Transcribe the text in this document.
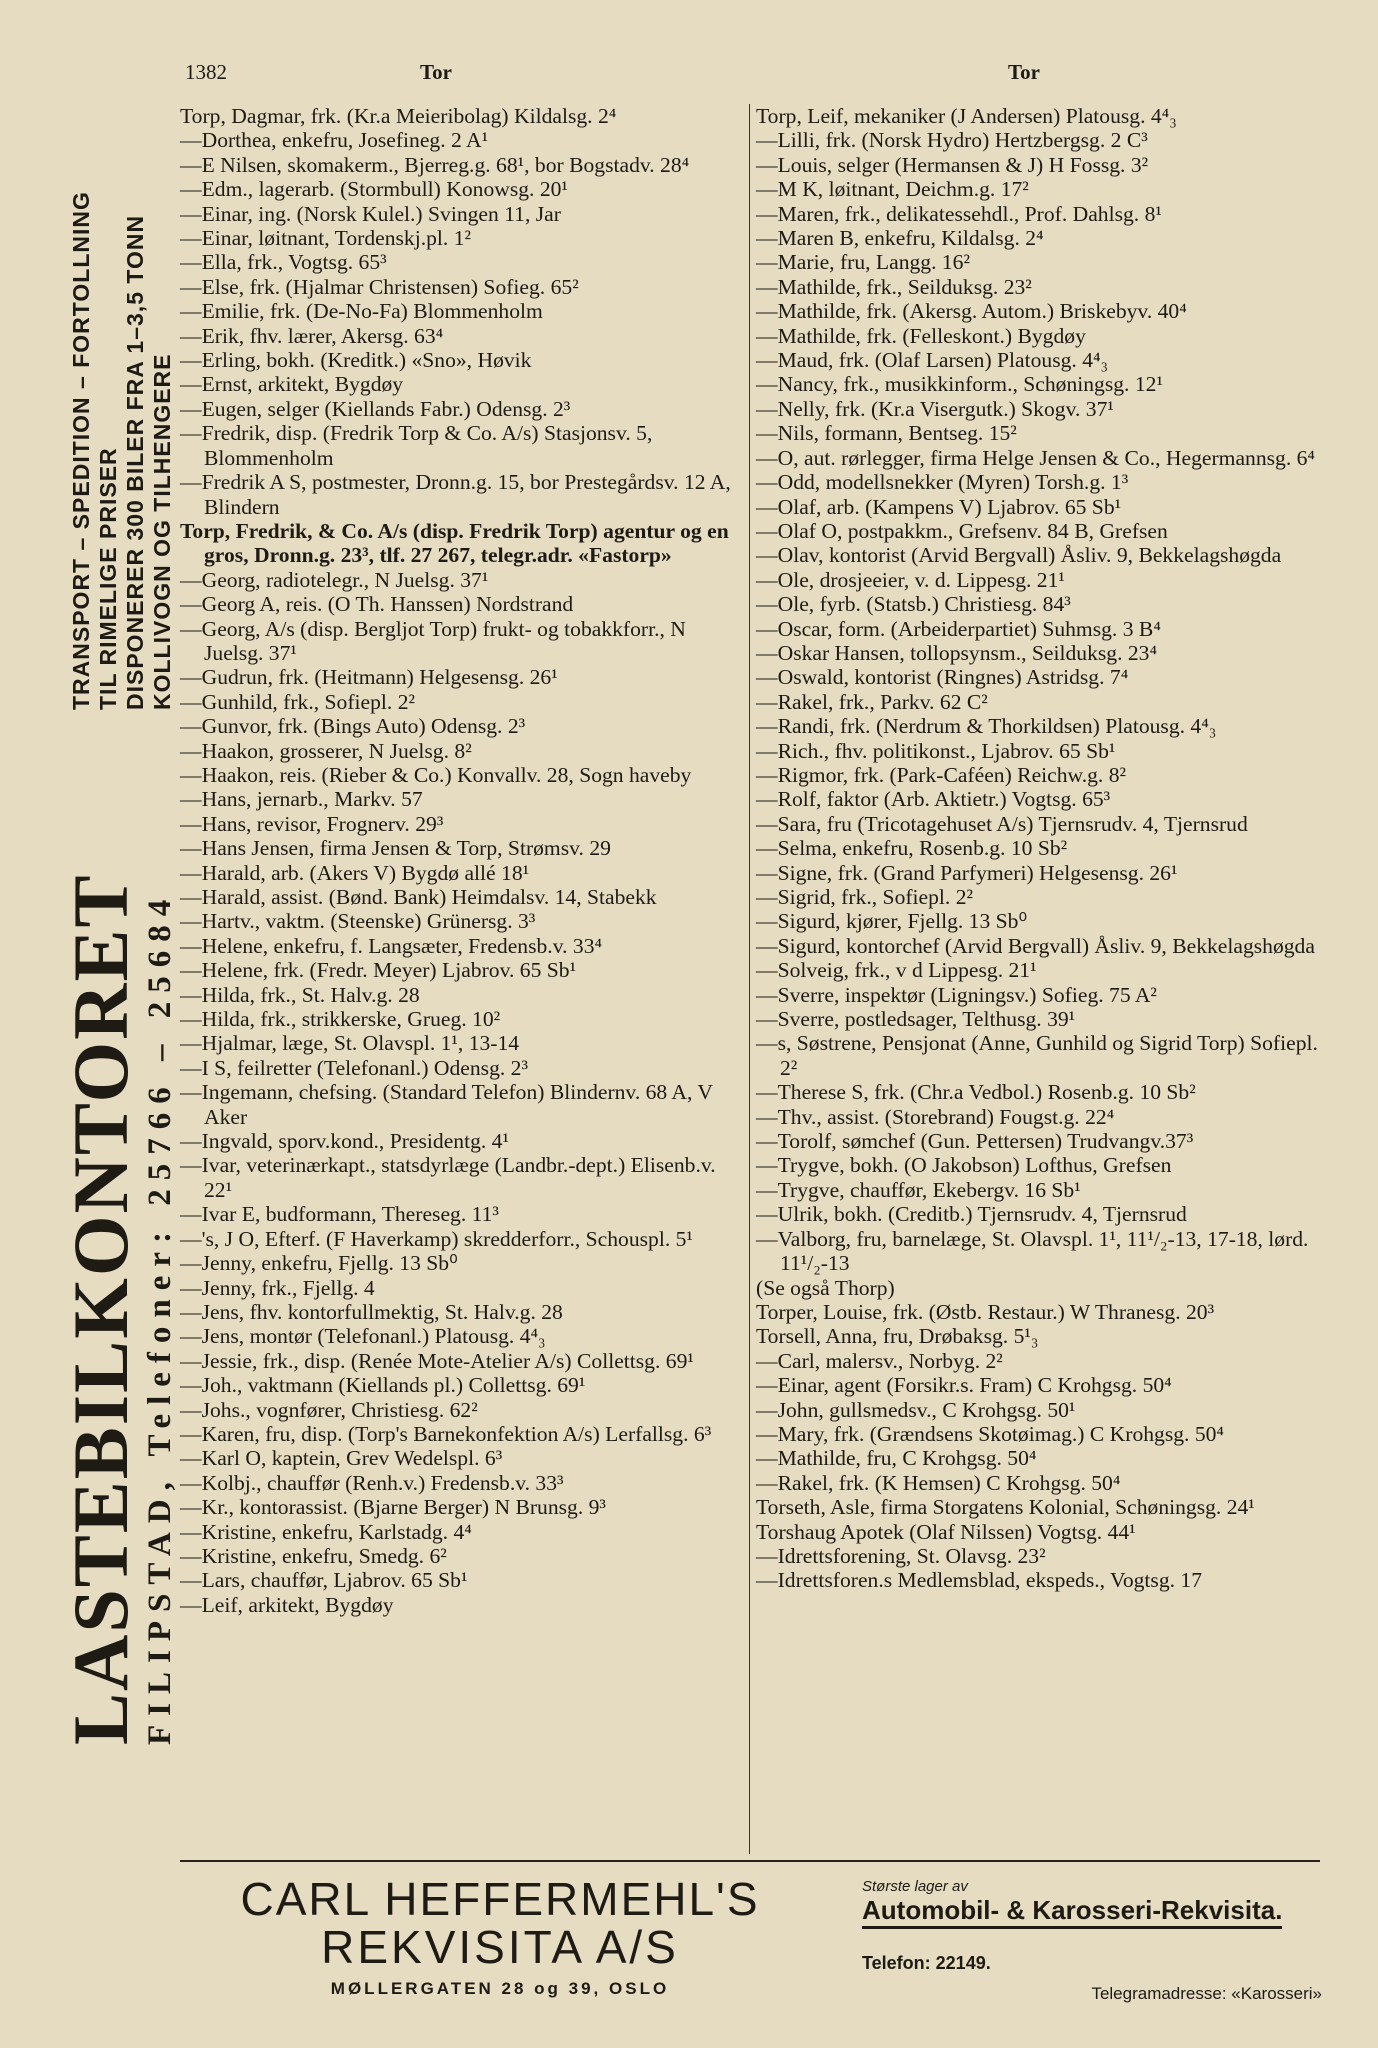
1382	Tor	Tor
TRANSPORT – SPEDITION – FORTOLLNING TIL RIMELIGE PRISER DISPONERER 300 BILER FRA 1–3,5 TONN KOLLIVOGN OG TILHENGERE
LASTEBILKONTORET
FILIPSTAD, Telefoner: 25766 – 25684
Torp, Dagmar, frk. (Kr.a Meieribolag) Kildalsg. 2⁴
—Dorthea, enkefru, Josefineg. 2 A¹
—E Nilsen, skomakerm., Bjerreg.g. 68¹, bor Bogstadv. 28⁴
—Edm., lagerarb. (Stormbull) Konowsg. 20¹
—Einar, ing. (Norsk Kulel.) Svingen 11, Jar
—Einar, løitnant, Tordenskj.pl. 1²
—Ella, frk., Vogtsg. 65³
—Else, frk. (Hjalmar Christensen) Sofieg. 65²
—Emilie, frk. (De-No-Fa) Blommenholm
—Erik, fhv. lærer, Akersg. 63⁴
—Erling, bokh. (Kreditk.) «Sno», Høvik
—Ernst, arkitekt, Bygdøy
—Eugen, selger (Kiellands Fabr.) Odensg. 2³
—Fredrik, disp. (Fredrik Torp & Co. A/s) Stasjonsv. 5, Blommenholm
—Fredrik A S, postmester, Dronn.g. 15, bor Prestegårdsv. 12 A, Blindern
Torp, Fredrik, & Co. A/s (disp. Fredrik Torp) agentur og en gros, Dronn.g. 23³, tlf. 27 267, telegr.adr. «Fastorp»
—Georg, radiotelegr., N Juelsg. 37¹
—Georg A, reis. (O Th. Hanssen) Nordstrand
—Georg, A/s (disp. Bergljot Torp) frukt- og tobakkforr., N Juelsg. 37¹
—Gudrun, frk. (Heitmann) Helgesensg. 26¹
—Gunhild, frk., Sofiepl. 2²
—Gunvor, frk. (Bings Auto) Odensg. 2³
—Haakon, grosserer, N Juelsg. 8²
—Haakon, reis. (Rieber & Co.) Konvallv. 28, Sogn haveby
—Hans, jernarb., Markv. 57
—Hans, revisor, Frognerv. 29³
—Hans Jensen, firma Jensen & Torp, Strømsv. 29
—Harald, arb. (Akers V) Bygdø allé 18¹
—Harald, assist. (Bønd. Bank) Heimdalsv. 14, Stabekk
—Hartv., vaktm. (Steenske) Grünersg. 3³
—Helene, enkefru, f. Langsæter, Fredensb.v. 33⁴
—Helene, frk. (Fredr. Meyer) Ljabrov. 65 Sb¹
—Hilda, frk., St. Halv.g. 28
—Hilda, frk., strikkerske, Grueg. 10²
—Hjalmar, læge, St. Olavspl. 1¹, 13-14
—I S, feilretter (Telefonanl.) Odensg. 2³
—Ingemann, chefsing. (Standard Telefon) Blindernv. 68 A, V Aker
—Ingvald, sporv.kond., Presidentg. 4¹
—Ivar, veterinærkapt., statsdyrlæge (Landbr.-dept.) Elisenb.v. 22¹
—Ivar E, budformann, Thereseg. 11³
—'s, J O, Efterf. (F Haverkamp) skredderforr., Schouspl. 5¹
—Jenny, enkefru, Fjellg. 13 Sb⁰
—Jenny, frk., Fjellg. 4
—Jens, fhv. kontorfullmektig, St. Halv.g. 28
—Jens, montør (Telefonanl.) Platousg. 4⁴₃
—Jessie, frk., disp. (Renée Mote-Atelier A/s) Collettsg. 69¹
—Joh., vaktmann (Kiellands pl.) Collettsg. 69¹
—Johs., vognfører, Christiesg. 62²
—Karen, fru, disp. (Torp's Barnekonfektion A/s) Lerfallsg. 6³
—Karl O, kaptein, Grev Wedelspl. 6³
—Kolbj., chauffør (Renh.v.) Fredensb.v. 33³
—Kr., kontorassist. (Bjarne Berger) N Brunsg. 9³
—Kristine, enkefru, Karlstadg. 4⁴
—Kristine, enkefru, Smedg. 6²
—Lars, chauffør, Ljabrov. 65 Sb¹
—Leif, arkitekt, Bygdøy
Torp, Leif, mekaniker (J Andersen) Platousg. 4⁴₃
—Lilli, frk. (Norsk Hydro) Hertzbergsg. 2 C³
—Louis, selger (Hermansen & J) H Fossg. 3²
—M K, løitnant, Deichm.g. 17²
—Maren, frk., delikatessehdl., Prof. Dahlsg. 8¹
—Maren B, enkefru, Kildalsg. 2⁴
—Marie, fru, Langg. 16²
—Mathilde, frk., Seilduksg. 23²
—Mathilde, frk. (Akersg. Autom.) Briskebyv. 40⁴
—Mathilde, frk. (Felleskont.) Bygdøy
—Maud, frk. (Olaf Larsen) Platousg. 4⁴₃
—Nancy, frk., musikkinform., Schøningsg. 12¹
—Nelly, frk. (Kr.a Visergutk.) Skogv. 37¹
—Nils, formann, Bentseg. 15²
—O, aut. rørlegger, firma Helge Jensen & Co., Hegermannsg. 6⁴
—Odd, modellsnekker (Myren) Torsh.g. 1³
—Olaf, arb. (Kampens V) Ljabrov. 65 Sb¹
—Olaf O, postpakkm., Grefsenv. 84 B, Grefsen
—Olav, kontorist (Arvid Bergvall) Åsliv. 9, Bekkelagshøgda
—Ole, drosjeeier, v. d. Lippesg. 21¹
—Ole, fyrb. (Statsb.) Christiesg. 84³
—Oscar, form. (Arbeiderpartiet) Suhmsg. 3 B⁴
—Oskar Hansen, tollopsynsm., Seilduksg. 23⁴
—Oswald, kontorist (Ringnes) Astridsg. 7⁴
—Rakel, frk., Parkv. 62 C²
—Randi, frk. (Nerdrum & Thorkildsen) Platousg. 4⁴₃
—Rich., fhv. politikonst., Ljabrov. 65 Sb¹
—Rigmor, frk. (Park-Caféen) Reichw.g. 8²
—Rolf, faktor (Arb. Aktietr.) Vogtsg. 65³
—Sara, fru (Tricotagehuset A/s) Tjernsrudv. 4, Tjernsrud
—Selma, enkefru, Rosenb.g. 10 Sb²
—Signe, frk. (Grand Parfymeri) Helgesensg. 26¹
—Sigrid, frk., Sofiepl. 2²
—Sigurd, kjører, Fjellg. 13 Sb⁰
—Sigurd, kontorchef (Arvid Bergvall) Åsliv. 9, Bekkelagshøgda
—Solveig, frk., v d Lippesg. 21¹
—Sverre, inspektør (Ligningsv.) Sofieg. 75 A²
—Sverre, postledsager, Telthusg. 39¹
—s, Søstrene, Pensjonat (Anne, Gunhild og Sigrid Torp) Sofiepl. 2²
—Therese S, frk. (Chr.a Vedbol.) Rosenb.g. 10 Sb²
—Thv., assist. (Storebrand) Fougst.g. 22⁴
—Torolf, sømchef (Gun. Pettersen) Trudvangv.37³
—Trygve, bokh. (O Jakobson) Lofthus, Grefsen
—Trygve, chauffør, Ekebergv. 16 Sb¹
—Ulrik, bokh. (Creditb.) Tjernsrudv. 4, Tjernsrud
—Valborg, fru, barnelæge, St. Olavspl. 1¹, 11¹/₂-13, 17-18, lørd. 11¹/₂-13
(Se også Thorp)
Torper, Louise, frk. (Østb. Restaur.) W Thranesg. 20³
Torsell, Anna, fru, Drøbaksg. 5¹₃
—Carl, malersv., Norbyg. 2²
—Einar, agent (Forsikr.s. Fram) C Krohgsg. 50⁴
—John, gullsmedsv., C Krohgsg. 50¹
—Mary, frk. (Grændsens Skotøimag.) C Krohgsg. 50⁴
—Mathilde, fru, C Krohgsg. 50⁴
—Rakel, frk. (K Hemsen) C Krohgsg. 50⁴
Torseth, Asle, firma Storgatens Kolonial, Schøningsg. 24¹
Torshaug Apotek (Olaf Nilssen) Vogtsg. 44¹
—Idrettsforening, St. Olavsg. 23²
—Idrettsforen.s Medlemsblad, ekspeds., Vogtsg. 17
CARL HEFFERMEHL'S
REKVISITA A/S
MØLLERGATEN 28 og 39, OSLO
Største lager av
Automobil- & Karosseri-Rekvisita.
Telefon: 22149.
Telegramadresse: «Karosseri»
